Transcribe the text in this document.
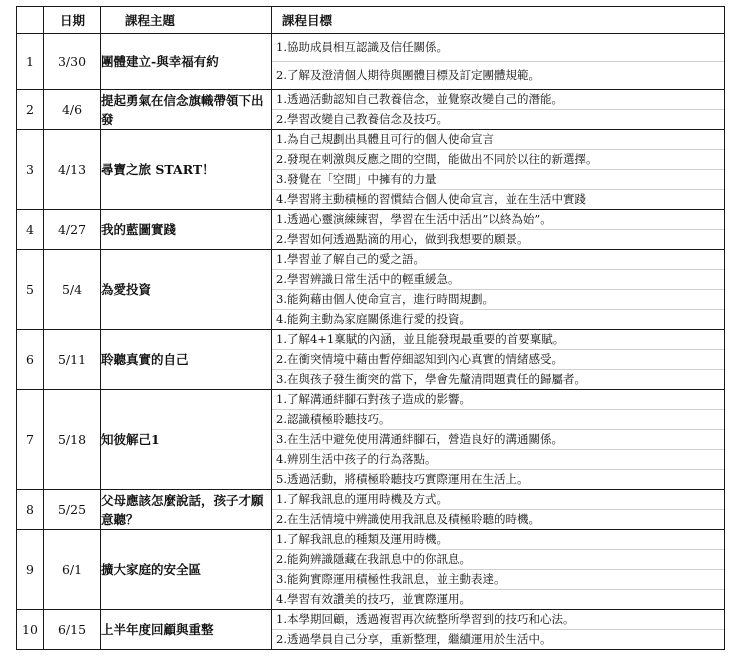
	日期	課程主題	課程目標
1	3/30	團體建立-與幸福有約	1.協助成員相互認識及信任關係。
2.了解及澄清個人期待與團體目標及訂定團體規範。

2	4/6	提起勇氣在信念旗幟帶領下出發	1.透過活動認知自己教養信念，並覺察改變自己的潛能。
2.學習改變自己教養信念及技巧。

3	4/13	尋寶之旅 START！	1.為自己規劃出具體且可行的個人使命宣言
2.發現在刺激與反應之間的空間，能做出不同於以往的新選擇。
3.發覺在「空間」中擁有的力量
4.學習將主動積極的習慣結合個人使命宣言，並在生活中實踐

4	4/27	我的藍圖實踐	1.透過心靈演練練習，學習在生活中活出”以終為始”。
2.學習如何透過點滴的用心，做到我想要的願景。

5	5/4	為愛投資	1.學習並了解自己的愛之語。
2.學習辨識日常生活中的輕重緩急。
3.能夠藉由個人使命宣言，進行時間規劃。
4.能夠主動為家庭關係進行愛的投資。

6	5/11	聆聽真實的自己	1.了解4+1稟賦的內涵，並且能發現最重要的首要稟賦。
2.在衝突情境中藉由暫停細認知到內心真實的情緒感受。
3.在與孩子發生衝突的當下，學會先釐清問題責任的歸屬者。

7	5/18	知彼解己1	1.了解溝通絆腳石對孩子造成的影響。
2.認識積極聆聽技巧。
3.在生活中避免使用溝通絆腳石，營造良好的溝通關係。
4.辨別生活中孩子的行為落點。
5.透過活動，將積極聆聽技巧實際運用在生活上。

8	5/25	父母應該怎麼說話，孩子才願意聽？	1.了解我訊息的運用時機及方式。
2.在生活情境中辨識使用我訊息及積極聆聽的時機。

9	6/1	擴大家庭的安全區	1.了解我訊息的種類及運用時機。
2.能夠辨識隱藏在我訊息中的你訊息。
3.能夠實際運用積極性我訊息，並主動表達。
4.學習有效讚美的技巧，並實際運用。

10	6/15	上半年度回顧與重整	1.本學期回顧，透過複習再次統整所學習到的技巧和心法。
2.透過學員自己分享，重新整理，繼續運用於生活中。
